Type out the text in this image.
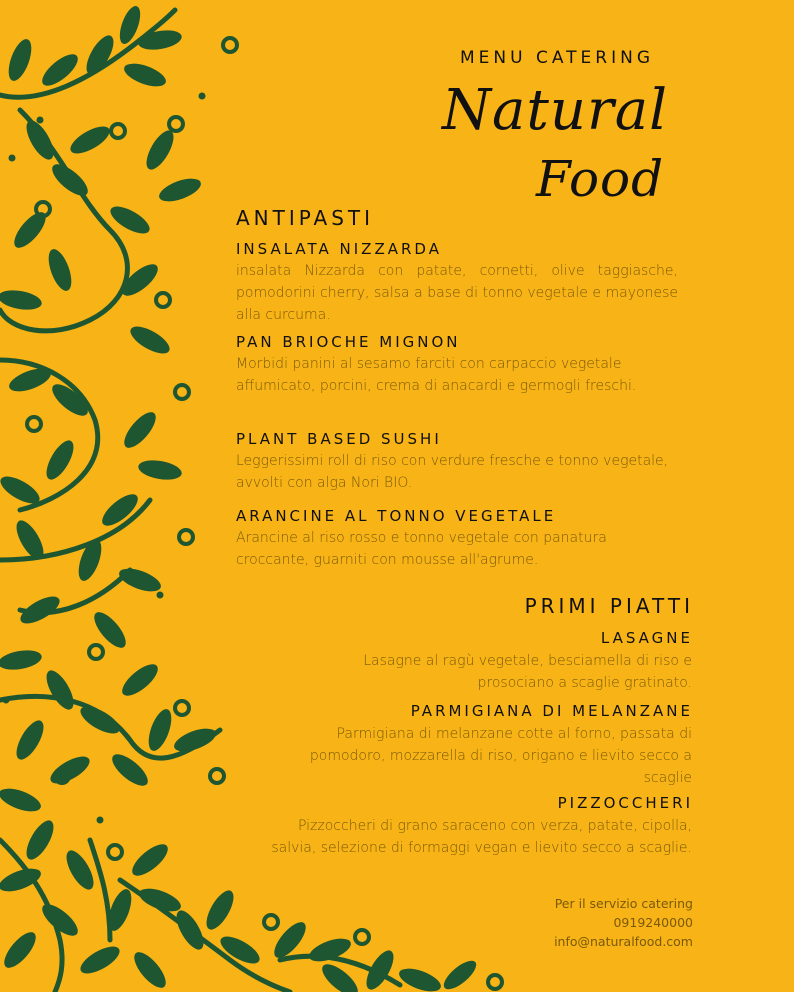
MENU CATERING
Natural
Food
ANTIPASTI
INSALATA NIZZARDA
insalata Nizzarda con patate, cornetti, olive taggiasche, pomodorini cherry, salsa a base di tonno vegetale e mayonese alla curcuma.
PAN BRIOCHE MIGNON
Morbidi panini al sesamo farciti con carpaccio vegetale affumicato, porcini, crema di anacardi e germogli freschi.
PLANT BASED SUSHI
Leggerissimi roll di riso con verdure fresche e tonno vegetale, avvolti con alga Nori BIO.
ARANCINE AL TONNO VEGETALE
Arancine al riso rosso e tonno vegetale con panatura croccante, guarniti con mousse all'agrume.
PRIMI PIATTI
LASAGNE
Lasagne al ragù vegetale, besciamella di riso e prosociano a scaglie gratinato.
PARMIGIANA DI MELANZANE
Parmigiana di melanzane cotte al forno, passata di pomodoro, mozzarella di riso, origano e lievito secco a scaglie
PIZZOCCHERI
Pizzoccheri di grano saraceno con verza, patate, cipolla, salvia, selezione di formaggi vegan e lievito secco a scaglie.
Per il servizio catering
0919240000
info@naturalfood.com
